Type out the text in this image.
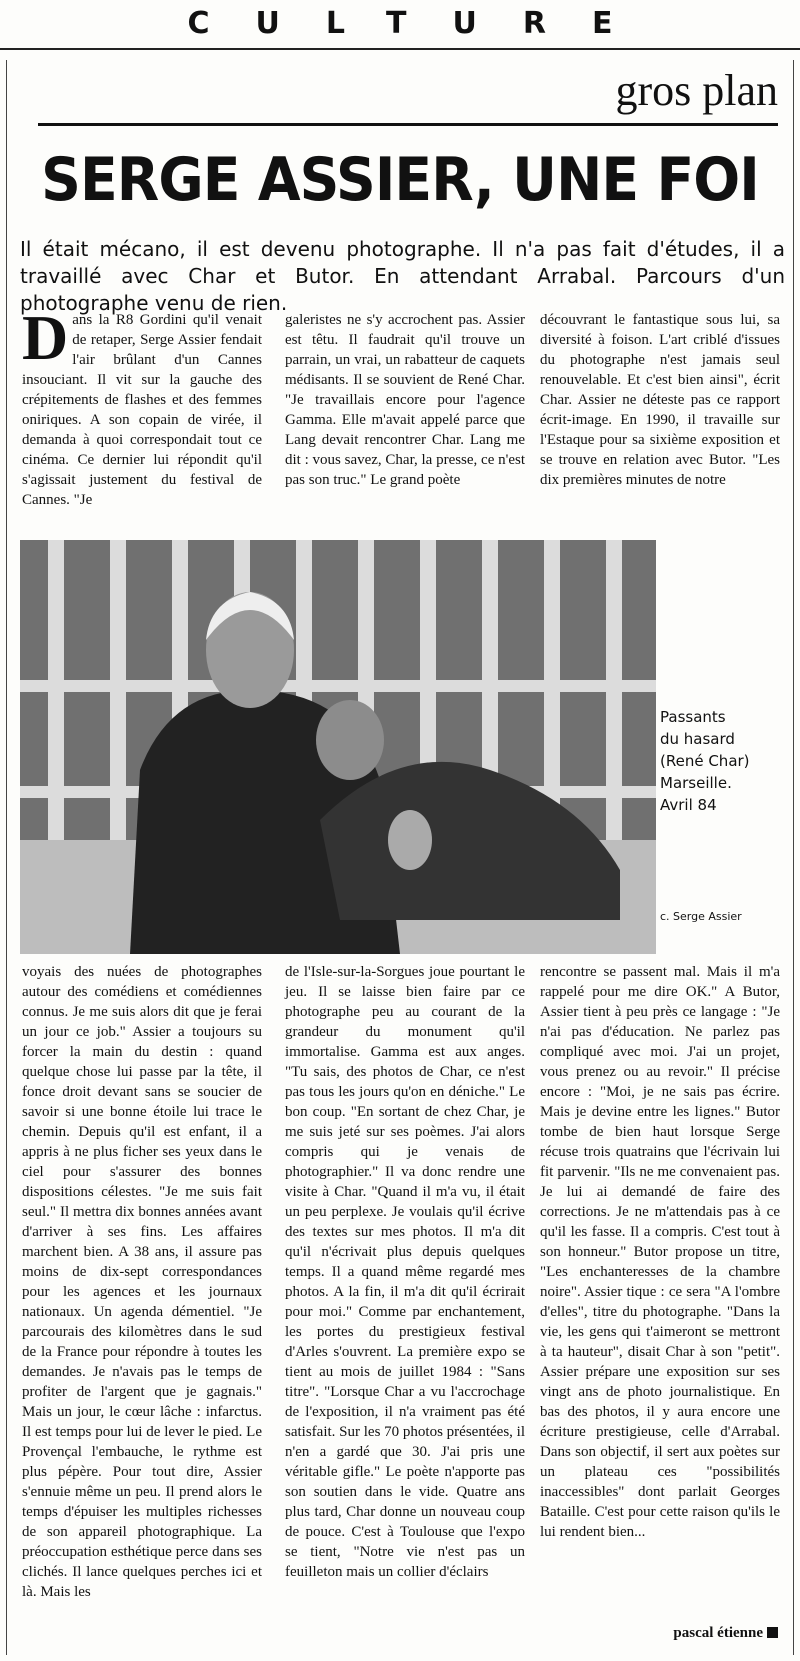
CULTURE
gros plan
SERGE ASSIER, UNE FOI
Il était mécano, il est devenu photographe. Il n'a pas fait d'études, il a travaillé avec Char et Butor. En attendant Arrabal. Parcours d'un photographe venu de rien.
Dans la R8 Gordini qu'il venait de retaper, Serge Assier fendait l'air brûlant d'un Cannes insouciant. Il vit sur la gauche des crépitements de flashes et des femmes oniriques. A son copain de virée, il demanda à quoi correspondait tout ce cinéma. Ce dernier lui répondit qu'il s'agissait justement du festival de Cannes. "Je
galeristes ne s'y accrochent pas. Assier est têtu. Il faudrait qu'il trouve un parrain, un vrai, un rabatteur de caquets médisants. Il se souvient de René Char. "Je travaillais encore pour l'agence Gamma. Elle m'avait appelé parce que Lang devait rencontrer Char. Lang me dit : vous savez, Char, la presse, ce n'est pas son truc." Le grand poète
découvrant le fantastique sous lui, sa diversité à foison. L'art criblé d'issues du photographe n'est jamais seul renouvelable. Et c'est bien ainsi", écrit Char. Assier ne déteste pas ce rapport écrit-image. En 1990, il travaille sur l'Estaque pour sa sixième exposition et se trouve en relation avec Butor. "Les dix premières minutes de notre
Passants
du hasard
(René Char)
Marseille.
Avril 84
c. Serge Assier
voyais des nuées de photographes autour des comédiens et comédiennes connus. Je me suis alors dit que je ferai un jour ce job." Assier a toujours su forcer la main du destin : quand quelque chose lui passe par la tête, il fonce droit devant sans se soucier de savoir si une bonne étoile lui trace le chemin. Depuis qu'il est enfant, il a appris à ne plus ficher ses yeux dans le ciel pour s'assurer des bonnes dispositions célestes. "Je me suis fait seul." Il mettra dix bonnes années avant d'arriver à ses fins. Les affaires marchent bien. A 38 ans, il assure pas moins de dix-sept correspondances pour les agences et les journaux nationaux. Un agenda démentiel. "Je parcourais des kilomètres dans le sud de la France pour répondre à toutes les demandes. Je n'avais pas le temps de profiter de l'argent que je gagnais." Mais un jour, le cœur lâche : infarctus. Il est temps pour lui de lever le pied. Le Provençal l'embauche, le rythme est plus pépère. Pour tout dire, Assier s'ennuie même un peu. Il prend alors le temps d'épuiser les multiples richesses de son appareil photographique. La préoccupation esthétique perce dans ses clichés. Il lance quelques perches ici et là. Mais les
de l'Isle-sur-la-Sorgues joue pourtant le jeu. Il se laisse bien faire par ce photographe peu au courant de la grandeur du monument qu'il immortalise. Gamma est aux anges. "Tu sais, des photos de Char, ce n'est pas tous les jours qu'on en déniche." Le bon coup. "En sortant de chez Char, je me suis jeté sur ses poèmes. J'ai alors compris qui je venais de photographier." Il va donc rendre une visite à Char. "Quand il m'a vu, il était un peu perplexe. Je voulais qu'il écrive des textes sur mes photos. Il m'a dit qu'il n'écrivait plus depuis quelques temps. Il a quand même regardé mes photos. A la fin, il m'a dit qu'il écrirait pour moi." Comme par enchantement, les portes du prestigieux festival d'Arles s'ouvrent. La première expo se tient au mois de juillet 1984 : "Sans titre". "Lorsque Char a vu l'accrochage de l'exposition, il n'a vraiment pas été satisfait. Sur les 70 photos présentées, il n'en a gardé que 30. J'ai pris une véritable gifle." Le poète n'apporte pas son soutien dans le vide. Quatre ans plus tard, Char donne un nouveau coup de pouce. C'est à Toulouse que l'expo se tient, "Notre vie n'est pas un feuilleton mais un collier d'éclairs
rencontre se passent mal. Mais il m'a rappelé pour me dire OK." A Butor, Assier tient à peu près ce langage : "Je n'ai pas d'éducation. Ne parlez pas compliqué avec moi. J'ai un projet, vous prenez ou au revoir." Il précise encore : "Moi, je ne sais pas écrire. Mais je devine entre les lignes." Butor tombe de bien haut lorsque Serge récuse trois quatrains que l'écrivain lui fit parvenir. "Ils ne me convenaient pas. Je lui ai demandé de faire des corrections. Je ne m'attendais pas à ce qu'il les fasse. Il a compris. C'est tout à son honneur." Butor propose un titre, "Les enchanteresses de la chambre noire". Assier tique : ce sera "A l'ombre d'elles", titre du photographe. "Dans la vie, les gens qui t'aimeront se mettront à ta hauteur", disait Char à son "petit". Assier prépare une exposition sur ses vingt ans de photo journalistique. En bas des photos, il y aura encore une écriture prestigieuse, celle d'Arrabal. Dans son objectif, il sert aux poètes sur un plateau ces "possibilités inaccessibles" dont parlait Georges Bataille. C'est pour cette raison qu'ils le lui rendent bien...
pascal étienne
